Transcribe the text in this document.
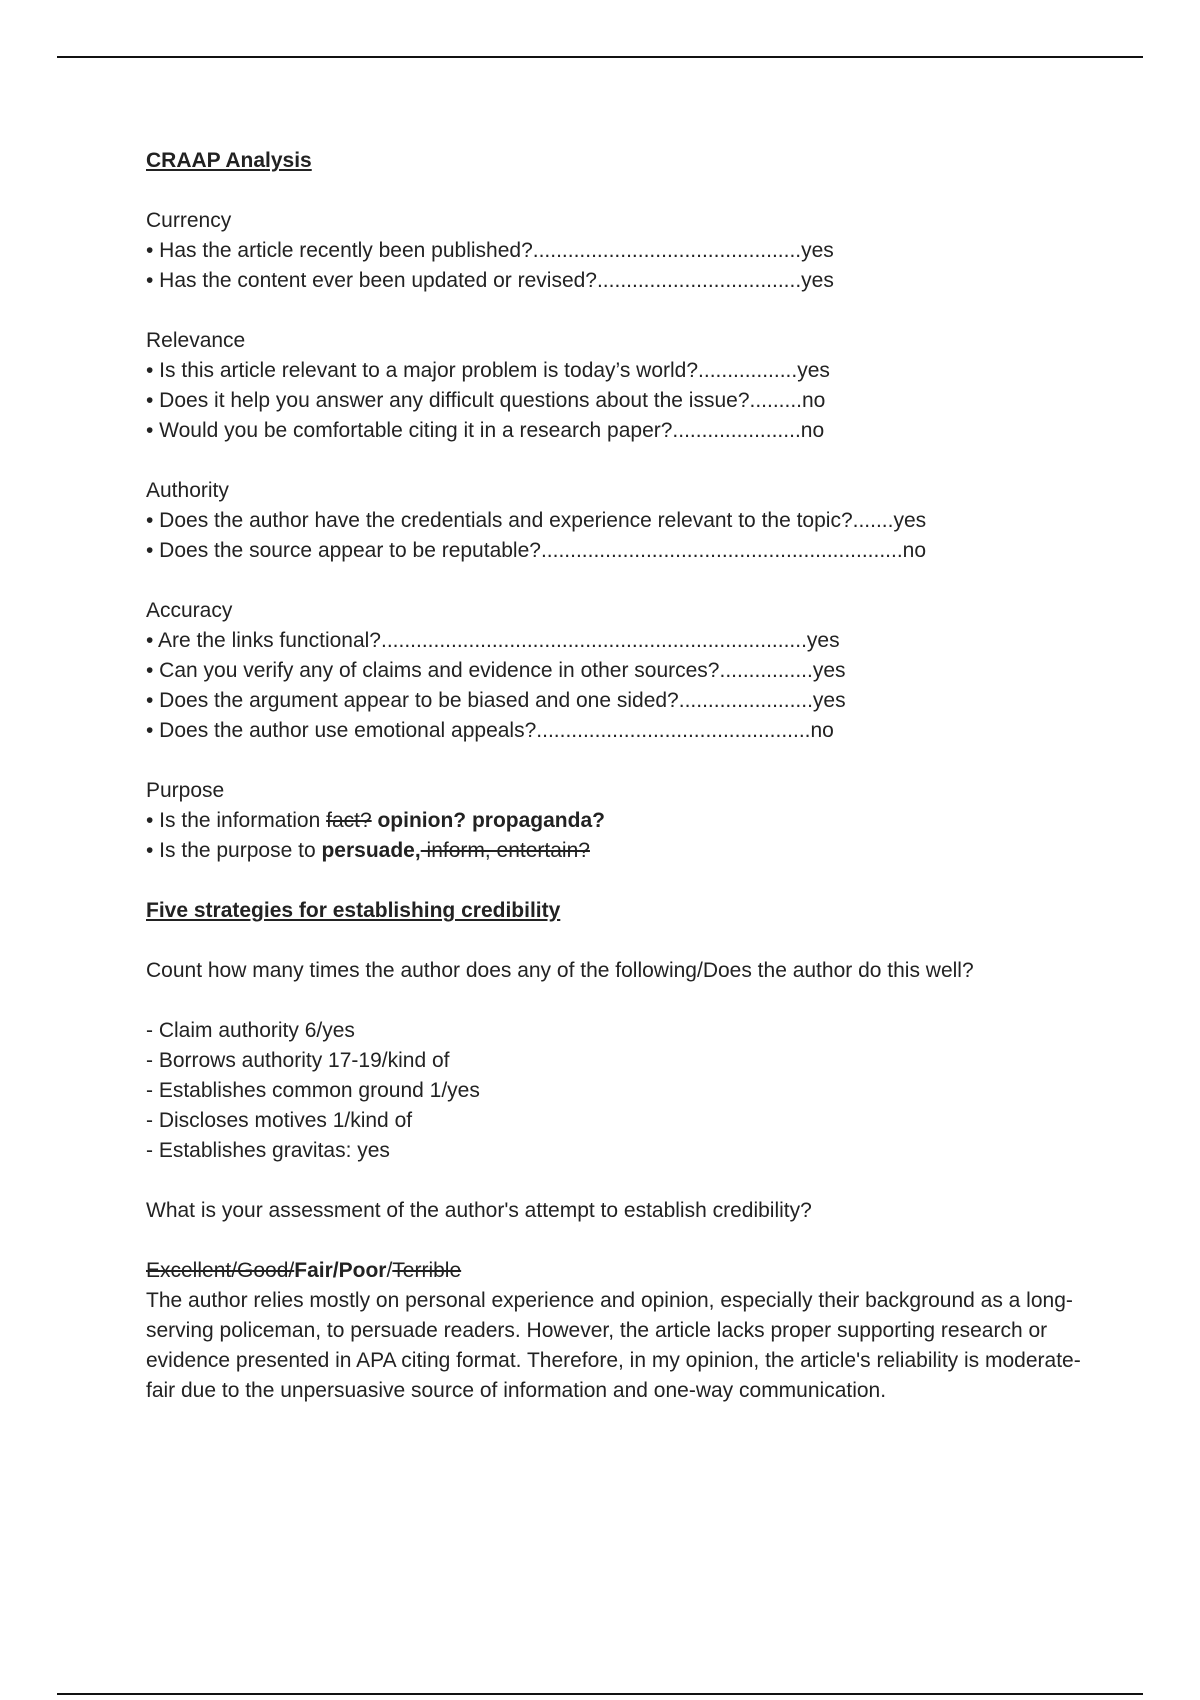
CRAAP Analysis
Currency
• Has the article recently been published?..............................................yes
• Has the content ever been updated or revised?...................................yes
Relevance
• Is this article relevant to a major problem is today’s world?.................yes
• Does it help you answer any difficult questions about the issue?.........no
• Would you be comfortable citing it in a research paper?......................no
Authority
• Does the author have the credentials and experience relevant to the topic?.......yes
• Does the source appear to be reputable?..............................................................no
Accuracy
• Are the links functional?.........................................................................yes
• Can you verify any of claims and evidence in other sources?................yes
• Does the argument appear to be biased and one sided?.......................yes
• Does the author use emotional appeals?...............................................no
Purpose
• Is the information fact? opinion? propaganda?
• Is the purpose to persuade, inform, entertain?
Five strategies for establishing credibility
Count how many times the author does any of the following/Does the author do this well?
- Claim authority 6/yes
- Borrows authority 17-19/kind of
- Establishes common ground 1/yes
- Discloses motives 1/kind of
- Establishes gravitas: yes
What is your assessment of the author's attempt to establish credibility?
Excellent/Good/Fair/Poor/Terrible
The author relies mostly on personal experience and opinion, especially their background as a long-serving policeman, to persuade readers. However, the article lacks proper supporting research or evidence presented in APA citing format. Therefore, in my opinion, the article's reliability is moderate-fair due to the unpersuasive source of information and one-way communication.
